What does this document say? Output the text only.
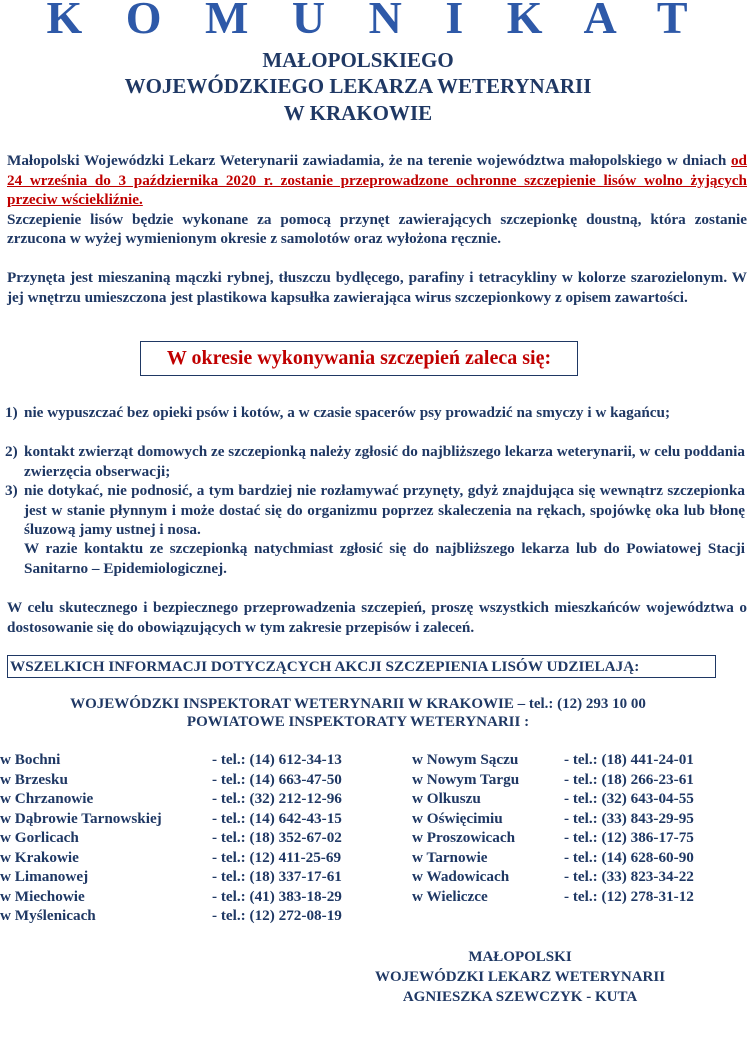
K O M U N I K A T
MAŁOPOLSKIEGO
WOJEWÓDZKIEGO LEKARZA WETERYNARII
W KRAKOWIE
Małopolski Wojewódzki Lekarz Weterynarii zawiadamia, że na terenie województwa małopolskiego w dniach od 24 września do 3 października 2020 r. zostanie przeprowadzone ochronne szczepienie lisów wolno żyjących przeciw wściekliźnie.
Szczepienie lisów będzie wykonane za pomocą przynęt zawierających szczepionkę doustną, która zostanie zrzucona w wyżej wymienionym okresie z samolotów oraz wyłożona ręcznie.
Przynęta jest mieszaniną mączki rybnej, tłuszczu bydlęcego, parafiny i tetracykliny w kolorze szarozielonym. W jej wnętrzu umieszczona jest plastikowa kapsułka zawierająca wirus szczepionkowy z opisem zawartości.
W okresie wykonywania szczepień zaleca się:
1) nie wypuszczać bez opieki psów i kotów, a w czasie spacerów psy prowadzić na smyczy i w kagańcu;
2) kontakt zwierząt domowych ze szczepionką należy zgłosić do najbliższego lekarza weterynarii, w celu poddania zwierzęcia obserwacji;
3) nie dotykać, nie podnosić, a tym bardziej nie rozłamywać przynęty, gdyż znajdująca się wewnątrz szczepionka jest w stanie płynnym i może dostać się do organizmu poprzez skaleczenia na rękach, spojówkę oka lub błonę śluzową jamy ustnej i nosa.
W razie kontaktu ze szczepionką natychmiast zgłosić się do najbliższego lekarza lub do Powiatowej Stacji Sanitarno – Epidemiologicznej.
W celu skutecznego i bezpiecznego przeprowadzenia szczepień, proszę wszystkich mieszkańców województwa o dostosowanie się do obowiązujących w tym zakresie przepisów i zaleceń.
WSZELKICH INFORMACJI DOTYCZĄCYCH AKCJI SZCZEPIENIA LISÓW UDZIELAJĄ:
WOJEWÓDZKI INSPEKTORAT WETERYNARII W KRAKOWIE – tel.: (12) 293 10 00
POWIATOWE INSPEKTORATY WETERYNARII :
w Bochni	- tel.: (14) 612-34-13
w Brzesku	- tel.: (14) 663-47-50
w Chrzanowie	- tel.: (32) 212-12-96
w Dąbrowie Tarnowskiej	- tel.: (14) 642-43-15
w Gorlicach	- tel.: (18) 352-67-02
w Krakowie	- tel.: (12) 411-25-69
w Limanowej	- tel.: (18) 337-17-61
w Miechowie	- tel.: (41) 383-18-29
w Myślenicach	- tel.: (12) 272-08-19
w Nowym Sączu	- tel.: (18) 441-24-01
w Nowym Targu	- tel.: (18) 266-23-61
w Olkuszu	- tel.: (32) 643-04-55
w Oświęcimiu	- tel.: (33) 843-29-95
w Proszowicach	- tel.: (12) 386-17-75
w Tarnowie	- tel.: (14) 628-60-90
w Wadowicach	- tel.: (33) 823-34-22
w Wieliczce	- tel.: (12) 278-31-12
MAŁOPOLSKI
WOJEWÓDZKI LEKARZ WETERYNARII
AGNIESZKA SZEWCZYK - KUTA
